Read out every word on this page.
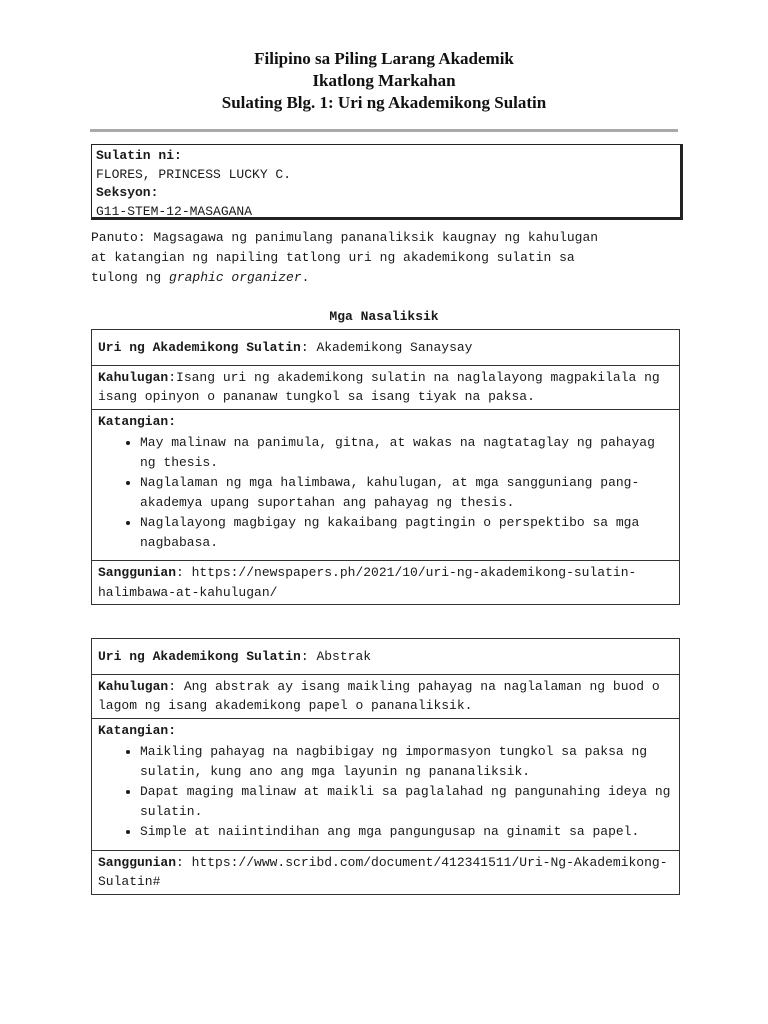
Filipino sa Piling Larang Akademik
Ikatlong Markahan
Sulating Blg. 1: Uri ng Akademikong Sulatin
Sulatin ni:
FLORES, PRINCESS LUCKY C.
Seksyon:
G11-STEM-12-MASAGANA
Panuto: Magsagawa ng panimulang pananaliksik kaugnay ng kahulugan
at katangian ng napiling tatlong uri ng akademikong sulatin sa
tulong ng graphic organizer.
Mga Nasaliksik
Uri ng Akademikong Sulatin: Akademikong Sanaysay
Kahulugan:Isang uri ng akademikong sulatin na naglalayong magpakilala ng isang opinyon o pananaw tungkol sa isang tiyak na paksa.

Katangian:
• May malinaw na panimula, gitna, at wakas na nagtataglay ng pahayag ng thesis.
• Naglalaman ng mga halimbawa, kahulugan, at mga sangguniang pang-akademya upang suportahan ang pahayag ng thesis.
• Naglalayong magbigay ng kakaibang pagtingin o perspektibo sa mga nagbabasa.

Sanggunian: https://newspapers.ph/2021/10/uri-ng-akademikong-sulatin-halimbawa-at-kahulugan/
Uri ng Akademikong Sulatin: Abstrak
Kahulugan: Ang abstrak ay isang maikling pahayag na naglalaman ng buod o lagom ng isang akademikong papel o pananaliksik.

Katangian:
• Maikling pahayag na nagbibigay ng impormasyon tungkol sa paksa ng sulatin, kung ano ang mga layunin ng pananaliksik.
• Dapat maging malinaw at maikli sa paglalahad ng pangunahing ideya ng sulatin.
• Simple at naiintindihan ang mga pangungusap na ginamit sa papel.

Sanggunian: https://www.scribd.com/document/412341511/Uri-Ng-Akademikong-Sulatin#
